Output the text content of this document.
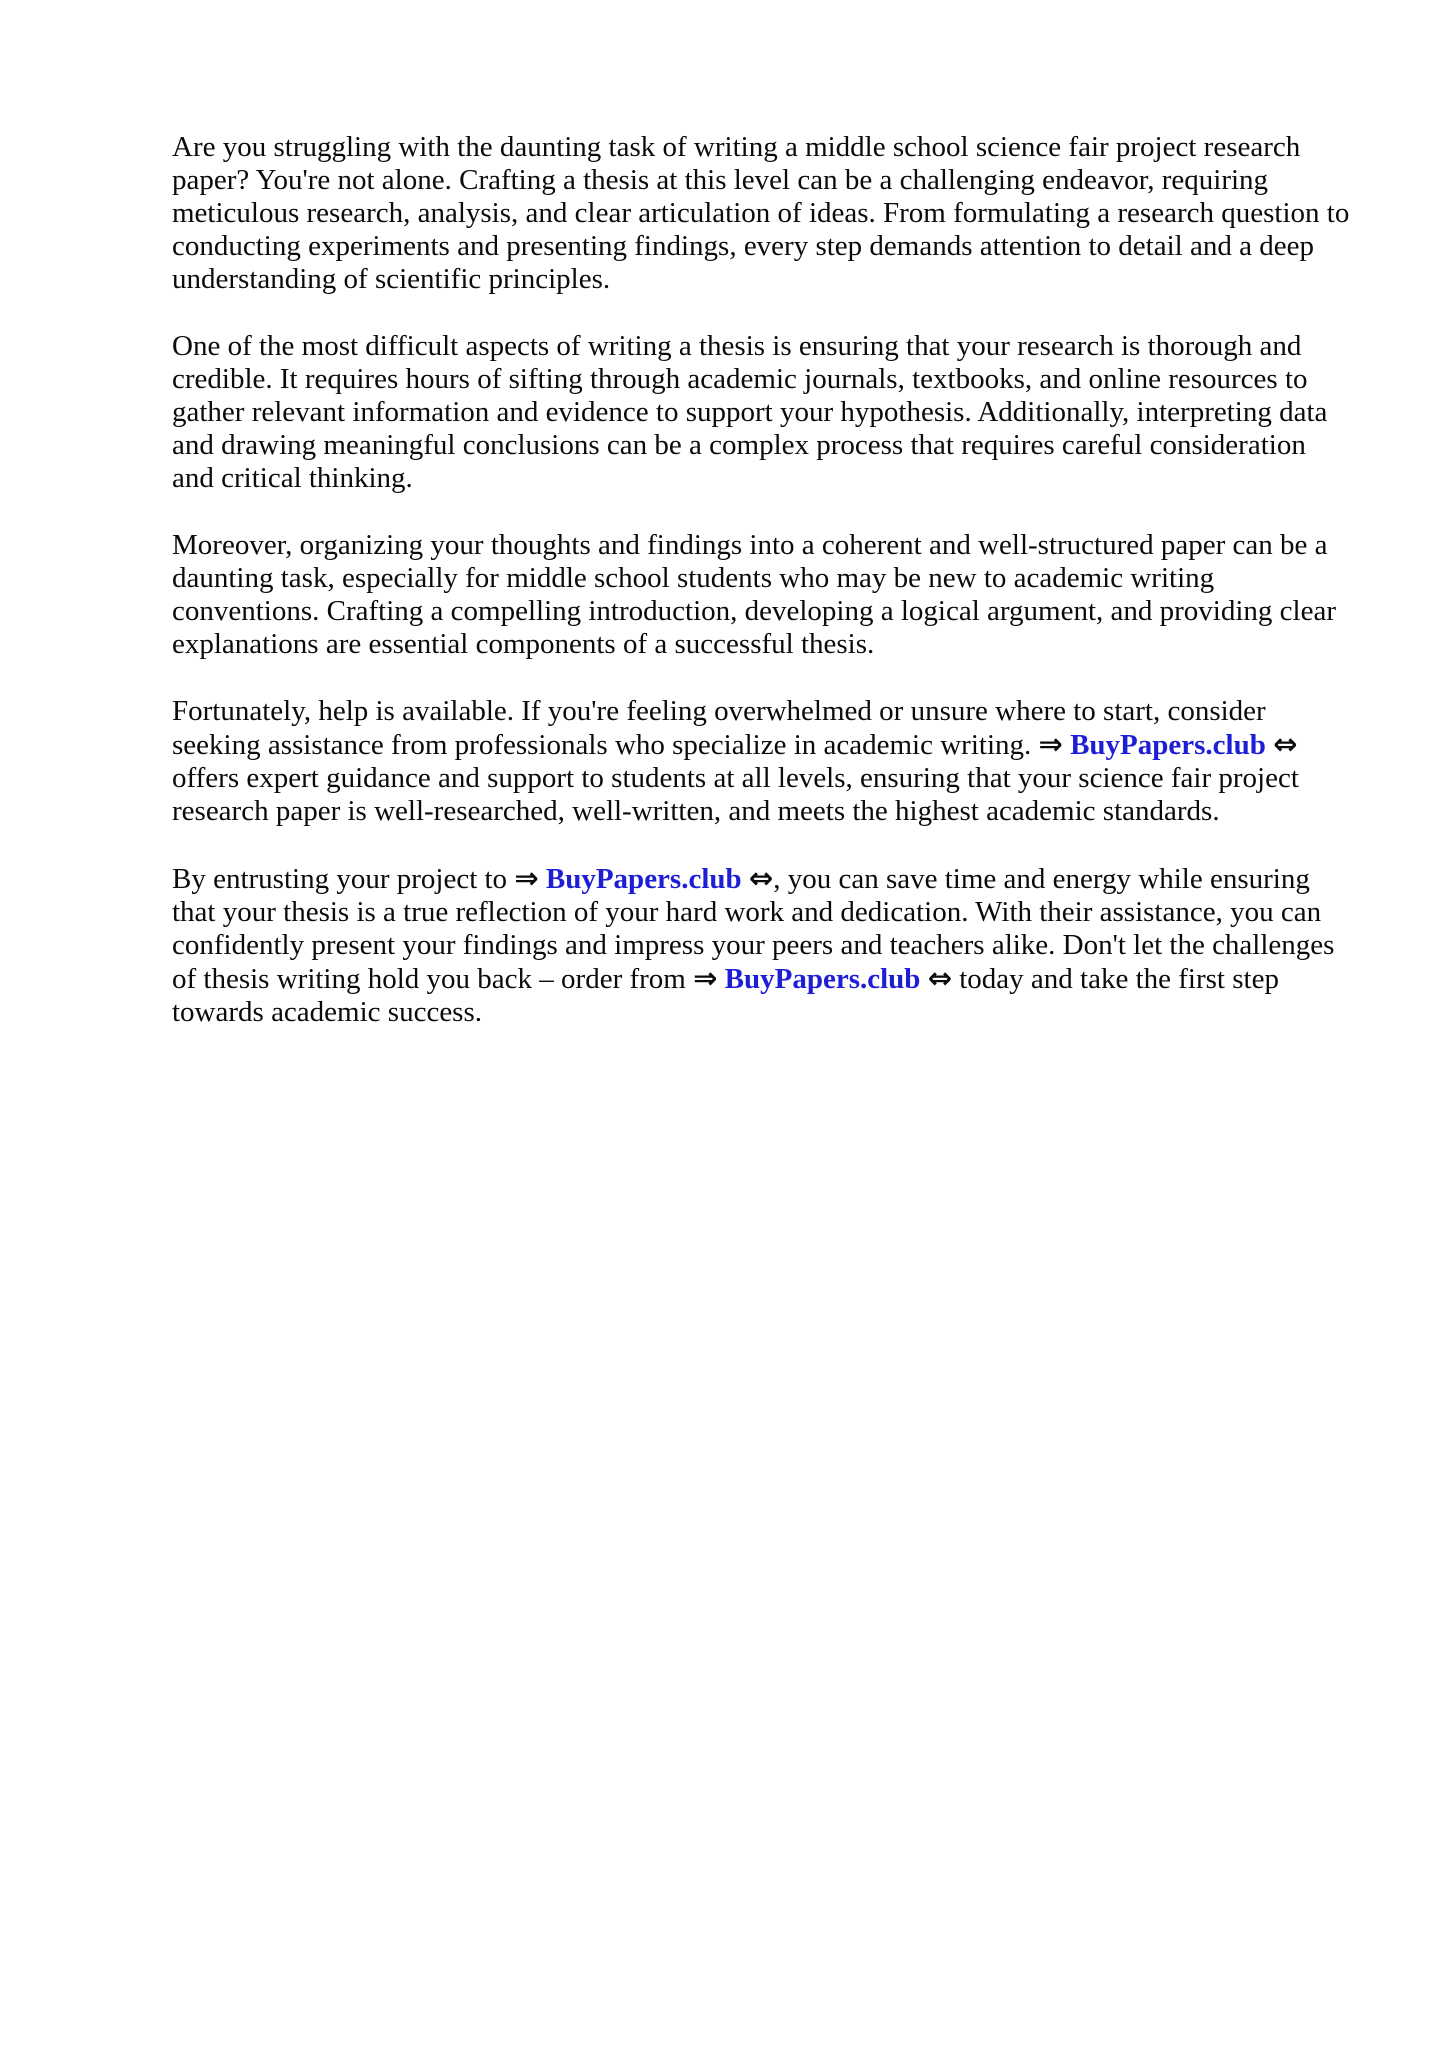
Are you struggling with the daunting task of writing a middle school science fair project research
paper? You're not alone. Crafting a thesis at this level can be a challenging endeavor, requiring
meticulous research, analysis, and clear articulation of ideas. From formulating a research question to
conducting experiments and presenting findings, every step demands attention to detail and a deep
understanding of scientific principles.

One of the most difficult aspects of writing a thesis is ensuring that your research is thorough and
credible. It requires hours of sifting through academic journals, textbooks, and online resources to
gather relevant information and evidence to support your hypothesis. Additionally, interpreting data
and drawing meaningful conclusions can be a complex process that requires careful consideration
and critical thinking.

Moreover, organizing your thoughts and findings into a coherent and well-structured paper can be a
daunting task, especially for middle school students who may be new to academic writing
conventions. Crafting a compelling introduction, developing a logical argument, and providing clear
explanations are essential components of a successful thesis.

Fortunately, help is available. If you're feeling overwhelmed or unsure where to start, consider
seeking assistance from professionals who specialize in academic writing. ⇒ BuyPapers.club ⇔
offers expert guidance and support to students at all levels, ensuring that your science fair project
research paper is well-researched, well-written, and meets the highest academic standards.

By entrusting your project to ⇒ BuyPapers.club ⇔, you can save time and energy while ensuring
that your thesis is a true reflection of your hard work and dedication. With their assistance, you can
confidently present your findings and impress your peers and teachers alike. Don't let the challenges
of thesis writing hold you back – order from ⇒ BuyPapers.club ⇔ today and take the first step
towards academic success.
